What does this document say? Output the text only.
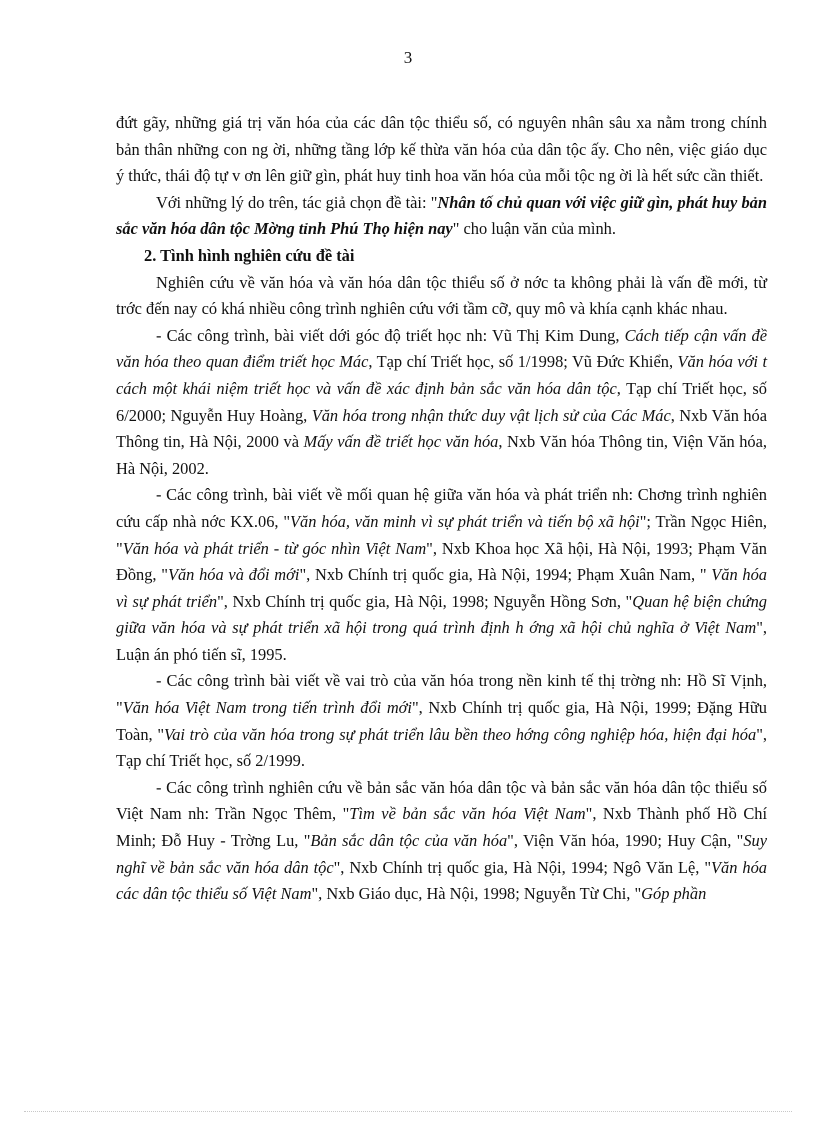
3

đứt gãy, những giá trị văn hóa của các dân tộc thiểu số, có nguyên nhân sâu xa nằm trong chính bản thân những con ng ời, những tầng lớp kế thừa văn hóa của dân tộc ấy. Cho nên, việc giáo dục ý thức, thái độ tự v ơn lên giữ gìn, phát huy tinh hoa văn hóa của mỗi tộc ng ời là hết sức cần thiết.

Với những lý do trên, tác giả chọn đề tài: "Nhân tố chủ quan với việc giữ gìn, phát huy bản sắc văn hóa dân tộc Mờng tỉnh Phú Thọ hiện nay" cho luận văn của mình.

2. Tình hình nghiên cứu đề tài

Nghiên cứu về văn hóa và văn hóa dân tộc thiểu số ở nớc ta không phải là vấn đề mới, từ trớc đến nay có khá nhiều công trình nghiên cứu với tầm cỡ, quy mô và khía cạnh khác nhau.

- Các công trình, bài viết dới góc độ triết học nh: Vũ Thị Kim Dung, Cách tiếp cận vấn đề văn hóa theo quan điểm triết học Mác, Tạp chí Triết học, số 1/1998; Vũ Đức Khiển, Văn hóa với t cách một khái niệm triết học và vấn đề xác định bản sắc văn hóa dân tộc, Tạp chí Triết học, số 6/2000; Nguyễn Huy Hoàng, Văn hóa trong nhận thức duy vật lịch sử của Các Mác, Nxb Văn hóa Thông tin, Hà Nội, 2000 và Mấy vấn đề triết học văn hóa, Nxb Văn hóa Thông tin, Viện Văn hóa, Hà Nội, 2002.

- Các công trình, bài viết về mối quan hệ giữa văn hóa và phát triển nh: Chơng trình nghiên cứu cấp nhà nớc KX.06, "Văn hóa, văn minh vì sự phát triển và tiến bộ xã hội"; Trần Ngọc Hiên, "Văn hóa và phát triển - từ góc nhìn Việt Nam", Nxb Khoa học Xã hội, Hà Nội, 1993; Phạm Văn Đồng, "Văn hóa và đổi mới", Nxb Chính trị quốc gia, Hà Nội, 1994; Phạm Xuân Nam, " Văn hóa vì sự phát triển", Nxb Chính trị quốc gia, Hà Nội, 1998; Nguyễn Hồng Sơn, "Quan hệ biện chứng giữa văn hóa và sự phát triển xã hội trong quá trình định h ớng xã hội chủ nghĩa ở Việt Nam", Luận án phó tiến sĩ, 1995.

- Các công trình bài viết về vai trò của văn hóa trong nền kinh tế thị trờng nh: Hồ Sĩ Vịnh, "Văn hóa Việt Nam trong tiến trình đổi mới", Nxb Chính trị quốc gia, Hà Nội, 1999; Đặng Hữu Toàn, "Vai trò của văn hóa trong sự phát triển lâu bền theo hớng công nghiệp hóa, hiện đại hóa", Tạp chí Triết học, số 2/1999.

- Các công trình nghiên cứu về bản sắc văn hóa dân tộc và bản sắc văn hóa dân tộc thiểu số Việt Nam nh: Trần Ngọc Thêm, "Tìm về bản sắc văn hóa Việt Nam", Nxb Thành phố Hồ Chí Minh; Đỗ Huy - Trờng Lu, "Bản sắc dân tộc của văn hóa", Viện Văn hóa, 1990; Huy Cận, "Suy nghĩ về bản sắc văn hóa dân tộc", Nxb Chính trị quốc gia, Hà Nội, 1994; Ngô Văn Lệ, "Văn hóa các dân tộc thiểu số Việt Nam", Nxb Giáo dục, Hà Nội, 1998; Nguyễn Từ Chi, "Góp phần
